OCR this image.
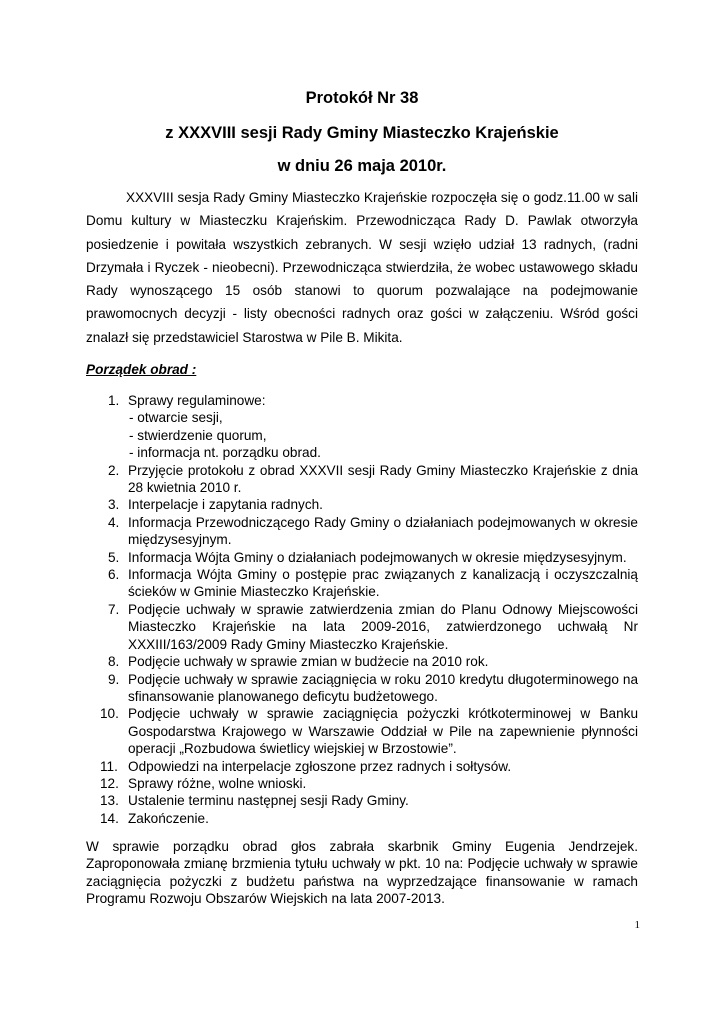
Protokół Nr 38
z XXXVIII sesji Rady Gminy Miasteczko Krajeńskie
w dniu 26 maja 2010r.

XXXVIII sesja Rady Gminy Miasteczko Krajeńskie rozpoczęła się o godz.11.00 w sali Domu kultury w Miasteczku Krajeńskim. Przewodnicząca Rady D. Pawlak otworzyła posiedzenie i powitała wszystkich zebranych. W sesji wzięło udział 13 radnych, (radni Drzymała i Ryczek - nieobecni). Przewodnicząca stwierdziła, że wobec ustawowego składu Rady wynoszącego 15 osób stanowi to quorum pozwalające na podejmowanie prawomocnych decyzji - listy obecności radnych oraz gości w załączeniu. Wśród gości znalazł się przedstawiciel Starostwa w Pile B. Mikita.

Porządek obrad :
1. Sprawy regulaminowe:
- otwarcie sesji,
- stwierdzenie quorum,
- informacja nt. porządku obrad.
2. Przyjęcie protokołu z obrad XXXVII sesji Rady Gminy Miasteczko Krajeńskie z dnia 28 kwietnia 2010 r.
3. Interpelacje i zapytania radnych.
4. Informacja Przewodniczącego Rady Gminy o działaniach podejmowanych w okresie międzysesyjnym.
5. Informacja Wójta Gminy o działaniach podejmowanych w okresie międzysesyjnym.
6. Informacja Wójta Gminy o postępie prac związanych z kanalizacją i oczyszczalnią ścieków w Gminie Miasteczko Krajeńskie.
7. Podjęcie uchwały w sprawie zatwierdzenia zmian do Planu Odnowy Miejscowości Miasteczko Krajeńskie na lata 2009-2016, zatwierdzonego uchwałą Nr XXXIII/163/2009 Rady Gminy Miasteczko Krajeńskie.
8. Podjęcie uchwały w sprawie zmian w budżecie na 2010 rok.
9. Podjęcie uchwały w sprawie zaciągnięcia w roku 2010 kredytu długoterminowego na sfinansowanie planowanego deficytu budżetowego.
10. Podjęcie uchwały w sprawie zaciągnięcia pożyczki krótkoterminowej w Banku Gospodarstwa Krajowego w Warszawie Oddział w Pile na zapewnienie płynności operacji „Rozbudowa świetlicy wiejskiej w Brzostowie”.
11. Odpowiedzi na interpelacje zgłoszone przez radnych i sołtysów.
12. Sprawy różne, wolne wnioski.
13. Ustalenie terminu następnej sesji Rady Gminy.
14. Zakończenie.

W sprawie porządku obrad głos zabrała skarbnik Gminy Eugenia Jendrzejek. Zaproponowała zmianę brzmienia tytułu uchwały w pkt. 10 na: Podjęcie uchwały w sprawie zaciągnięcia pożyczki z budżetu państwa na wyprzedzające finansowanie w ramach Programu Rozwoju Obszarów Wiejskich na lata 2007-2013.

1
